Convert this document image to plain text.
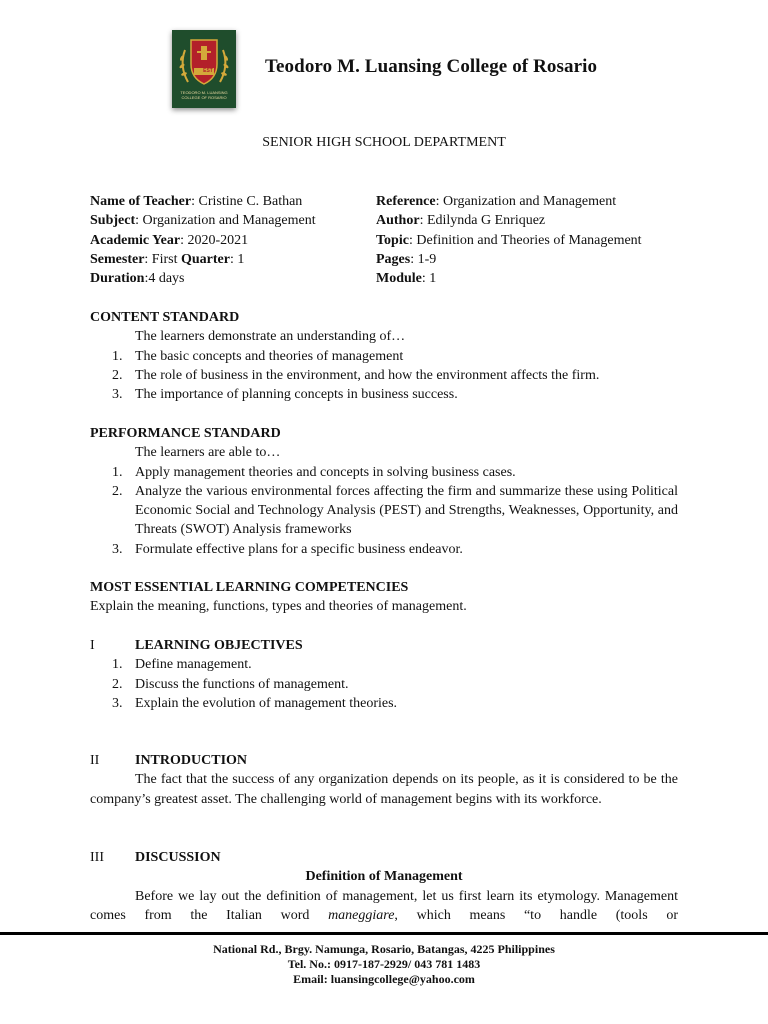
EST
TEODORO M. LUANSING COLLEGE OF ROSARIO
Teodoro M. Luansing College of Rosario
SENIOR HIGH SCHOOL DEPARTMENT
Name of Teacher: Cristine C. Bathan
Subject: Organization and Management
Academic Year: 2020-2021
Semester: First Quarter: 1
Duration:4 days
Reference: Organization and Management
Author: Edilynda G Enriquez
Topic: Definition and Theories of Management
Pages: 1-9
Module: 1
CONTENT STANDARD
The learners demonstrate an understanding of…
1. The basic concepts and theories of management
2. The role of business in the environment, and how the environment affects the firm.
3. The importance of planning concepts in business success.
PERFORMANCE STANDARD
The learners are able to…
1. Apply management theories and concepts in solving business cases.
2. Analyze the various environmental forces affecting the firm and summarize these using Political Economic Social and Technology Analysis (PEST) and Strengths, Weaknesses, Opportunity, and Threats (SWOT) Analysis frameworks
3. Formulate effective plans for a specific business endeavor.
MOST ESSENTIAL LEARNING COMPETENCIES
Explain the meaning, functions, types and theories of management.
I	LEARNING OBJECTIVES
1. Define management.
2. Discuss the functions of management.
3. Explain the evolution of management theories.
II	INTRODUCTION
The fact that the success of any organization depends on its people, as it is considered to be the company’s greatest asset. The challenging world of management begins with its workforce.
III DISCUSSION
Definition of Management
Before we lay out the definition of management, let us first learn its etymology. Management comes from the Italian word maneggiare, which means “to handle (tools or
National Rd., Brgy. Namunga, Rosario, Batangas, 4225 Philippines
Tel. No.: 0917-187-2929/ 043 781 1483
Email: luansingcollege@yahoo.com
